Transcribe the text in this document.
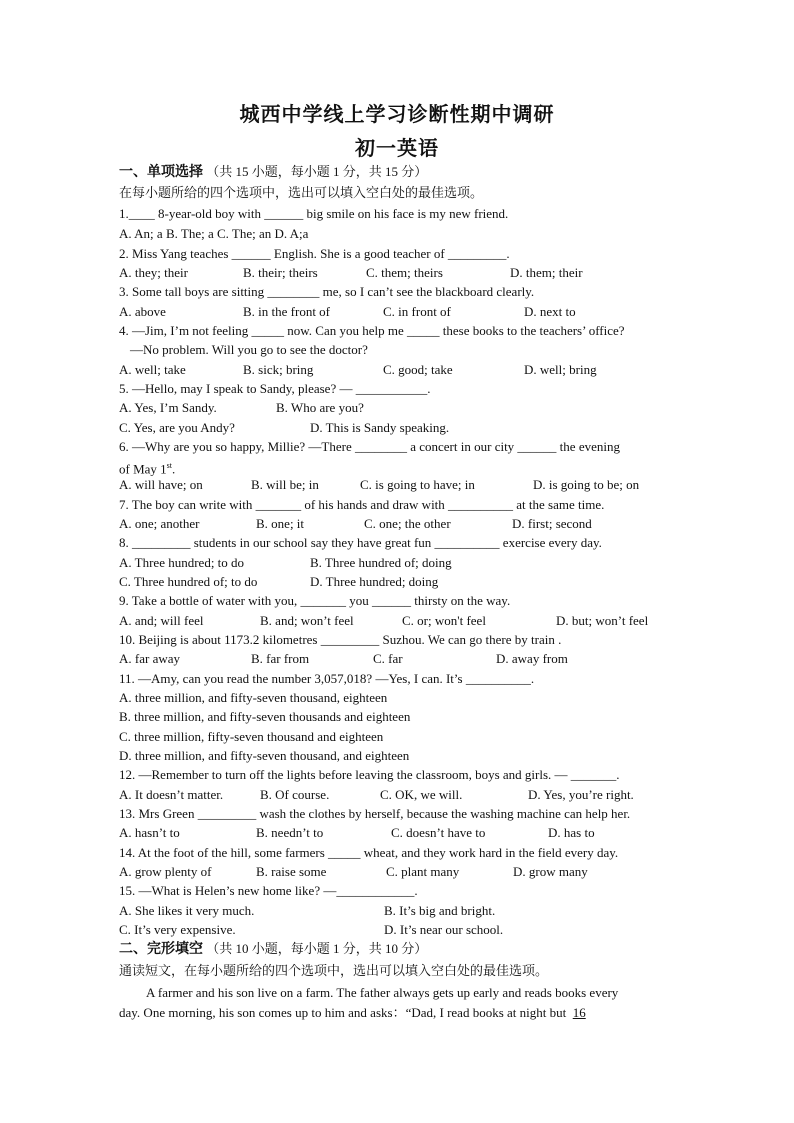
城西中学线上学习诊断性期中调研
初一英语
一、单项选择 （共 15 小题，每小题 1 分，共 15 分）
在每小题所给的四个选项中，选出可以填入空白处的最佳选项。
1.____ 8-year-old boy with ______ big smile on his face is my new friend.
A. An; a B. The; a C. The; an D. A;a
2. Miss Yang teaches ______ English. She is a good teacher of _________.
A. they; their	B. their; theirs	C. them; theirs	D. them; their
3. Some tall boys are sitting ________ me, so I can’t see the blackboard clearly.
A. above	B. in the front of	C. in front of	D. next to
4. —Jim, I’m not feeling _____ now. Can you help me _____ these books to the teachers’ office?
—No problem. Will you go to see the doctor?
A. well; take	B. sick; bring	C. good; take	D. well; bring
5. —Hello, may I speak to Sandy, please? — ___________.
A. Yes, I’m Sandy.	B. Who are you?
C. Yes, are you Andy?	D. This is Sandy speaking.
6. —Why are you so happy, Millie? —There ________ a concert in our city ______ the evening
of May 1st.
A. will have; on	B. will be; in	C. is going to have; in	D. is going to be; on
7. The boy can write with _______ of his hands and draw with __________ at the same time.
A. one; another	B. one; it	C. one; the other	D. first; second
8. _________ students in our school say they have great fun __________ exercise every day.
A. Three hundred; to do	B. Three hundred of; doing
C. Three hundred of; to do	D. Three hundred; doing
9. Take a bottle of water with you, _______ you ______ thirsty on the way.
A. and; will feel	B. and; won’t feel	C. or; won't feel	D. but; won’t feel
10. Beijing is about 1173.2 kilometres _________ Suzhou. We can go there by train .
A. far away	B. far from	C. far	D. away from
11. —Amy, can you read the number 3,057,018? —Yes, I can. It’s __________.
A. three million, and fifty-seven thousand, eighteen
B. three million, and fifty-seven thousands and eighteen
C. three million, fifty-seven thousand and eighteen
D. three million, and fifty-seven thousand, and eighteen
12. —Remember to turn off the lights before leaving the classroom, boys and girls. — _______.
A. It doesn’t matter.	B. Of course.	C. OK, we will.	D. Yes, you’re right.
13. Mrs Green _________ wash the clothes by herself, because the washing machine can help her.
A. hasn’t to	B. needn’t to	C. doesn’t have to	D. has to
14. At the foot of the hill, some farmers _____ wheat, and they work hard in the field every day.
A. grow plenty of	B. raise some	C. plant many	D. grow many
15. —What is Helen’s new home like? —____________.
A. She likes it very much.	B. It’s big and bright.
C. It’s very expensive.	D. It’s near our school.
二、完形填空 （共 10 小题，每小题 1 分，共 10 分）
通读短文，在每小题所给的四个选项中，选出可以填入空白处的最佳选项。
A farmer and his son live on a farm. The father always gets up early and reads books every
day. One morning, his son comes up to him and asks：“Dad, I read books at night but 16
